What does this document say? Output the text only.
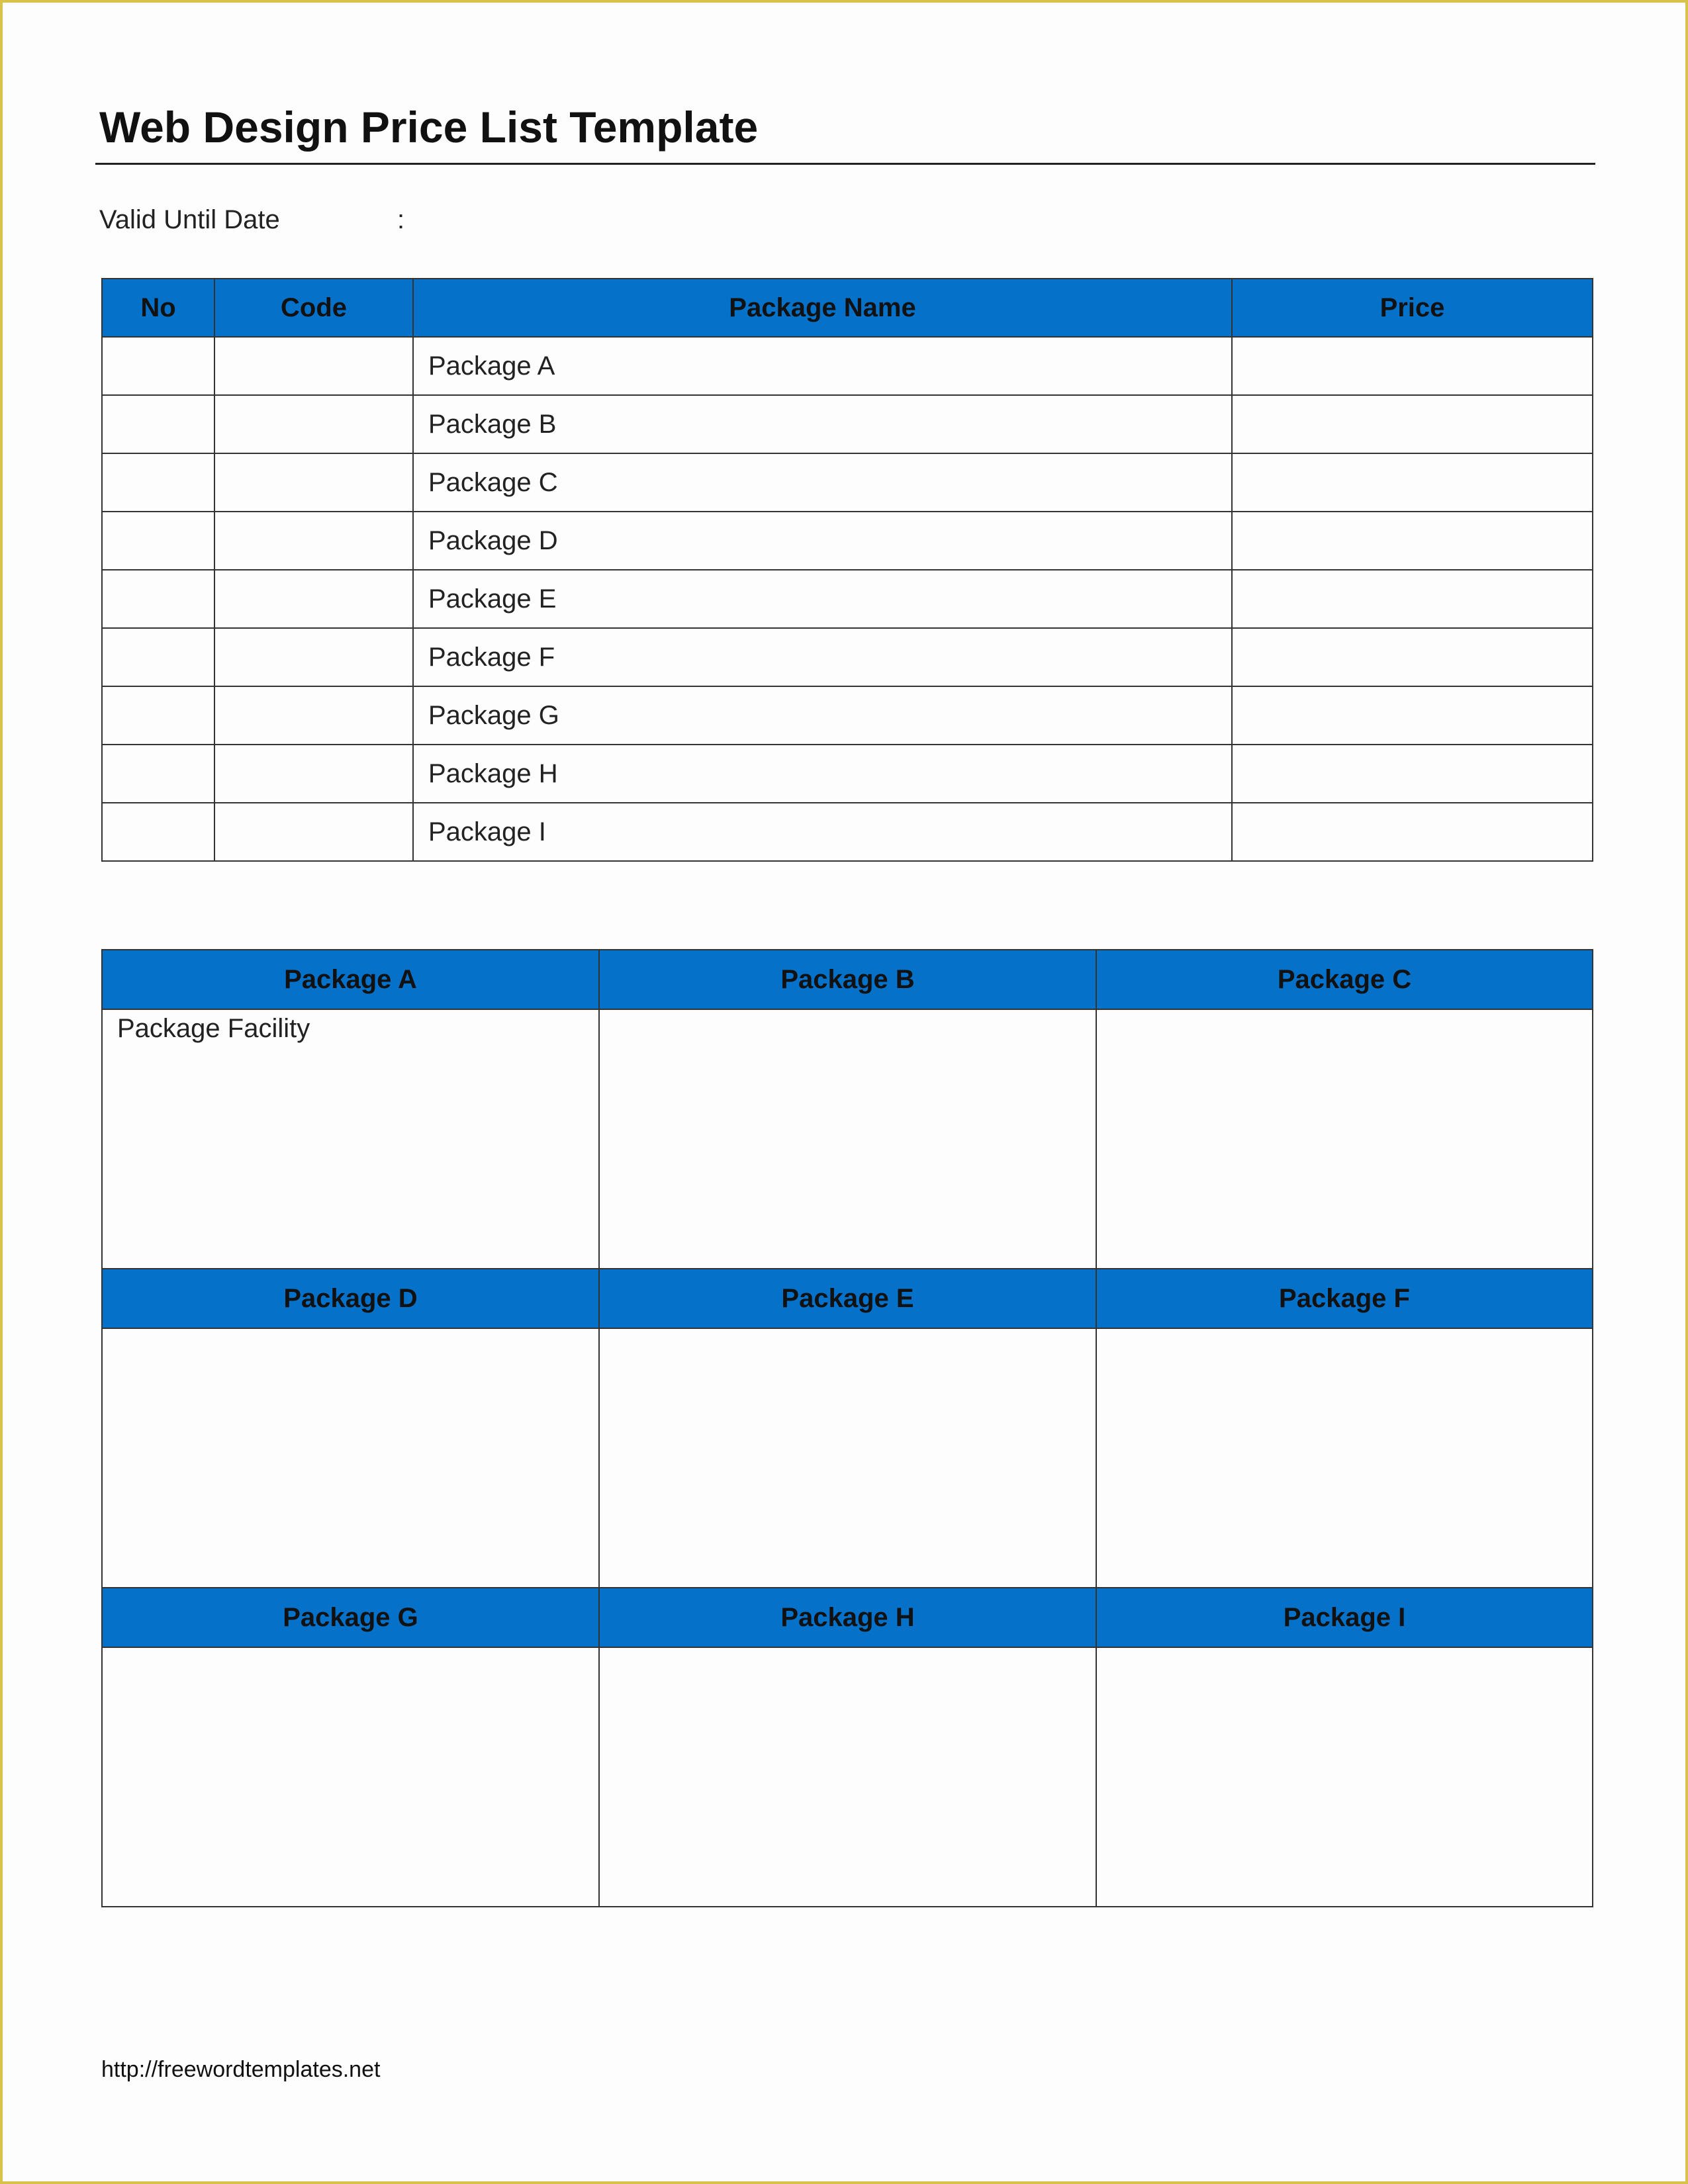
Web Design Price List Template
Valid Until Date	:
No	Code	Package Name	Price
		Package A	
		Package B	
		Package C	
		Package D	
		Package E	
		Package F	
		Package G	
		Package H	
		Package I	
Package A	Package B	Package C

Package Facility		

Package D	Package E	Package F

Package G	Package H	Package I

http://freewordtemplates.net
